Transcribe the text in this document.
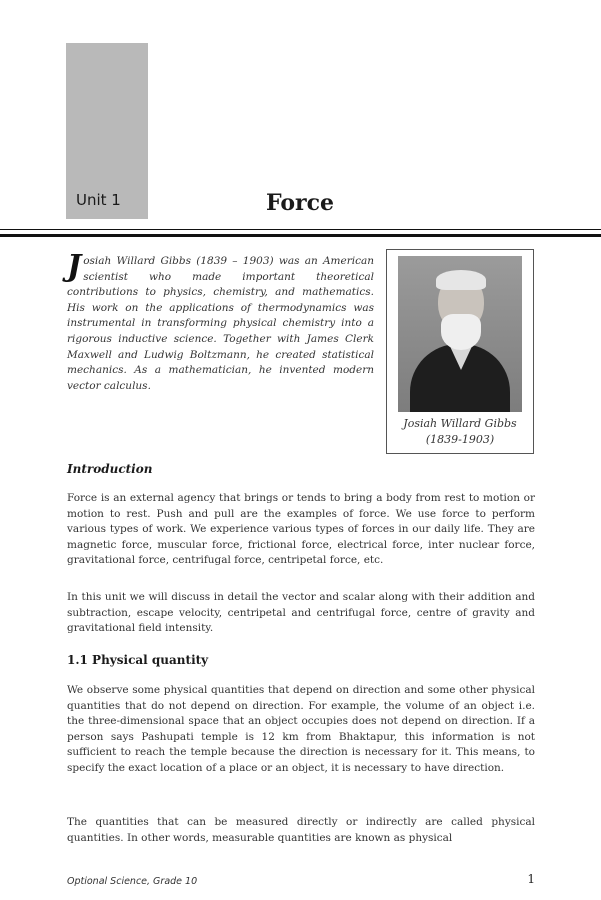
Unit 1	Force
Josiah Willard Gibbs (1839 – 1903) was an American scientist who made important theoretical contributions to physics, chemistry, and mathematics. His work on the applications of thermodynamics was instrumental in transforming physical chemistry into a rigorous inductive science. Together with James Clerk Maxwell and Ludwig Boltzmann, he created statistical mechanics. As a mathematician, he invented modern vector calculus.
Josiah Willard Gibbs
(1839-1903)
Introduction
Force is an external agency that brings or tends to bring a body from rest to motion or motion to rest. Push and pull are the examples of force. We use force to perform various types of work. We experience various types of forces in our daily life. They are magnetic force, muscular force, frictional force, electrical force, inter nuclear force, gravitational force, centrifugal force, centripetal force, etc.
In this unit we will discuss in detail the vector and scalar along with their addition and subtraction, escape velocity, centripetal and centrifugal force, centre of gravity and gravitational field intensity.
1.1 Physical quantity
We observe some physical quantities that depend on direction and some other physical quantities that do not depend on direction. For example, the volume of an object i.e. the three-dimensional space that an object occupies does not depend on direction. If a person says Pashupati temple is 12 km from Bhaktapur, this information is not sufficient to reach the temple because the direction is necessary for it. This means, to specify the exact location of a place or an object, it is necessary to have direction.
The quantities that can be measured directly or indirectly are called physical quantities. In other words, measurable quantities are known as physical
Optional Science, Grade 10	1
